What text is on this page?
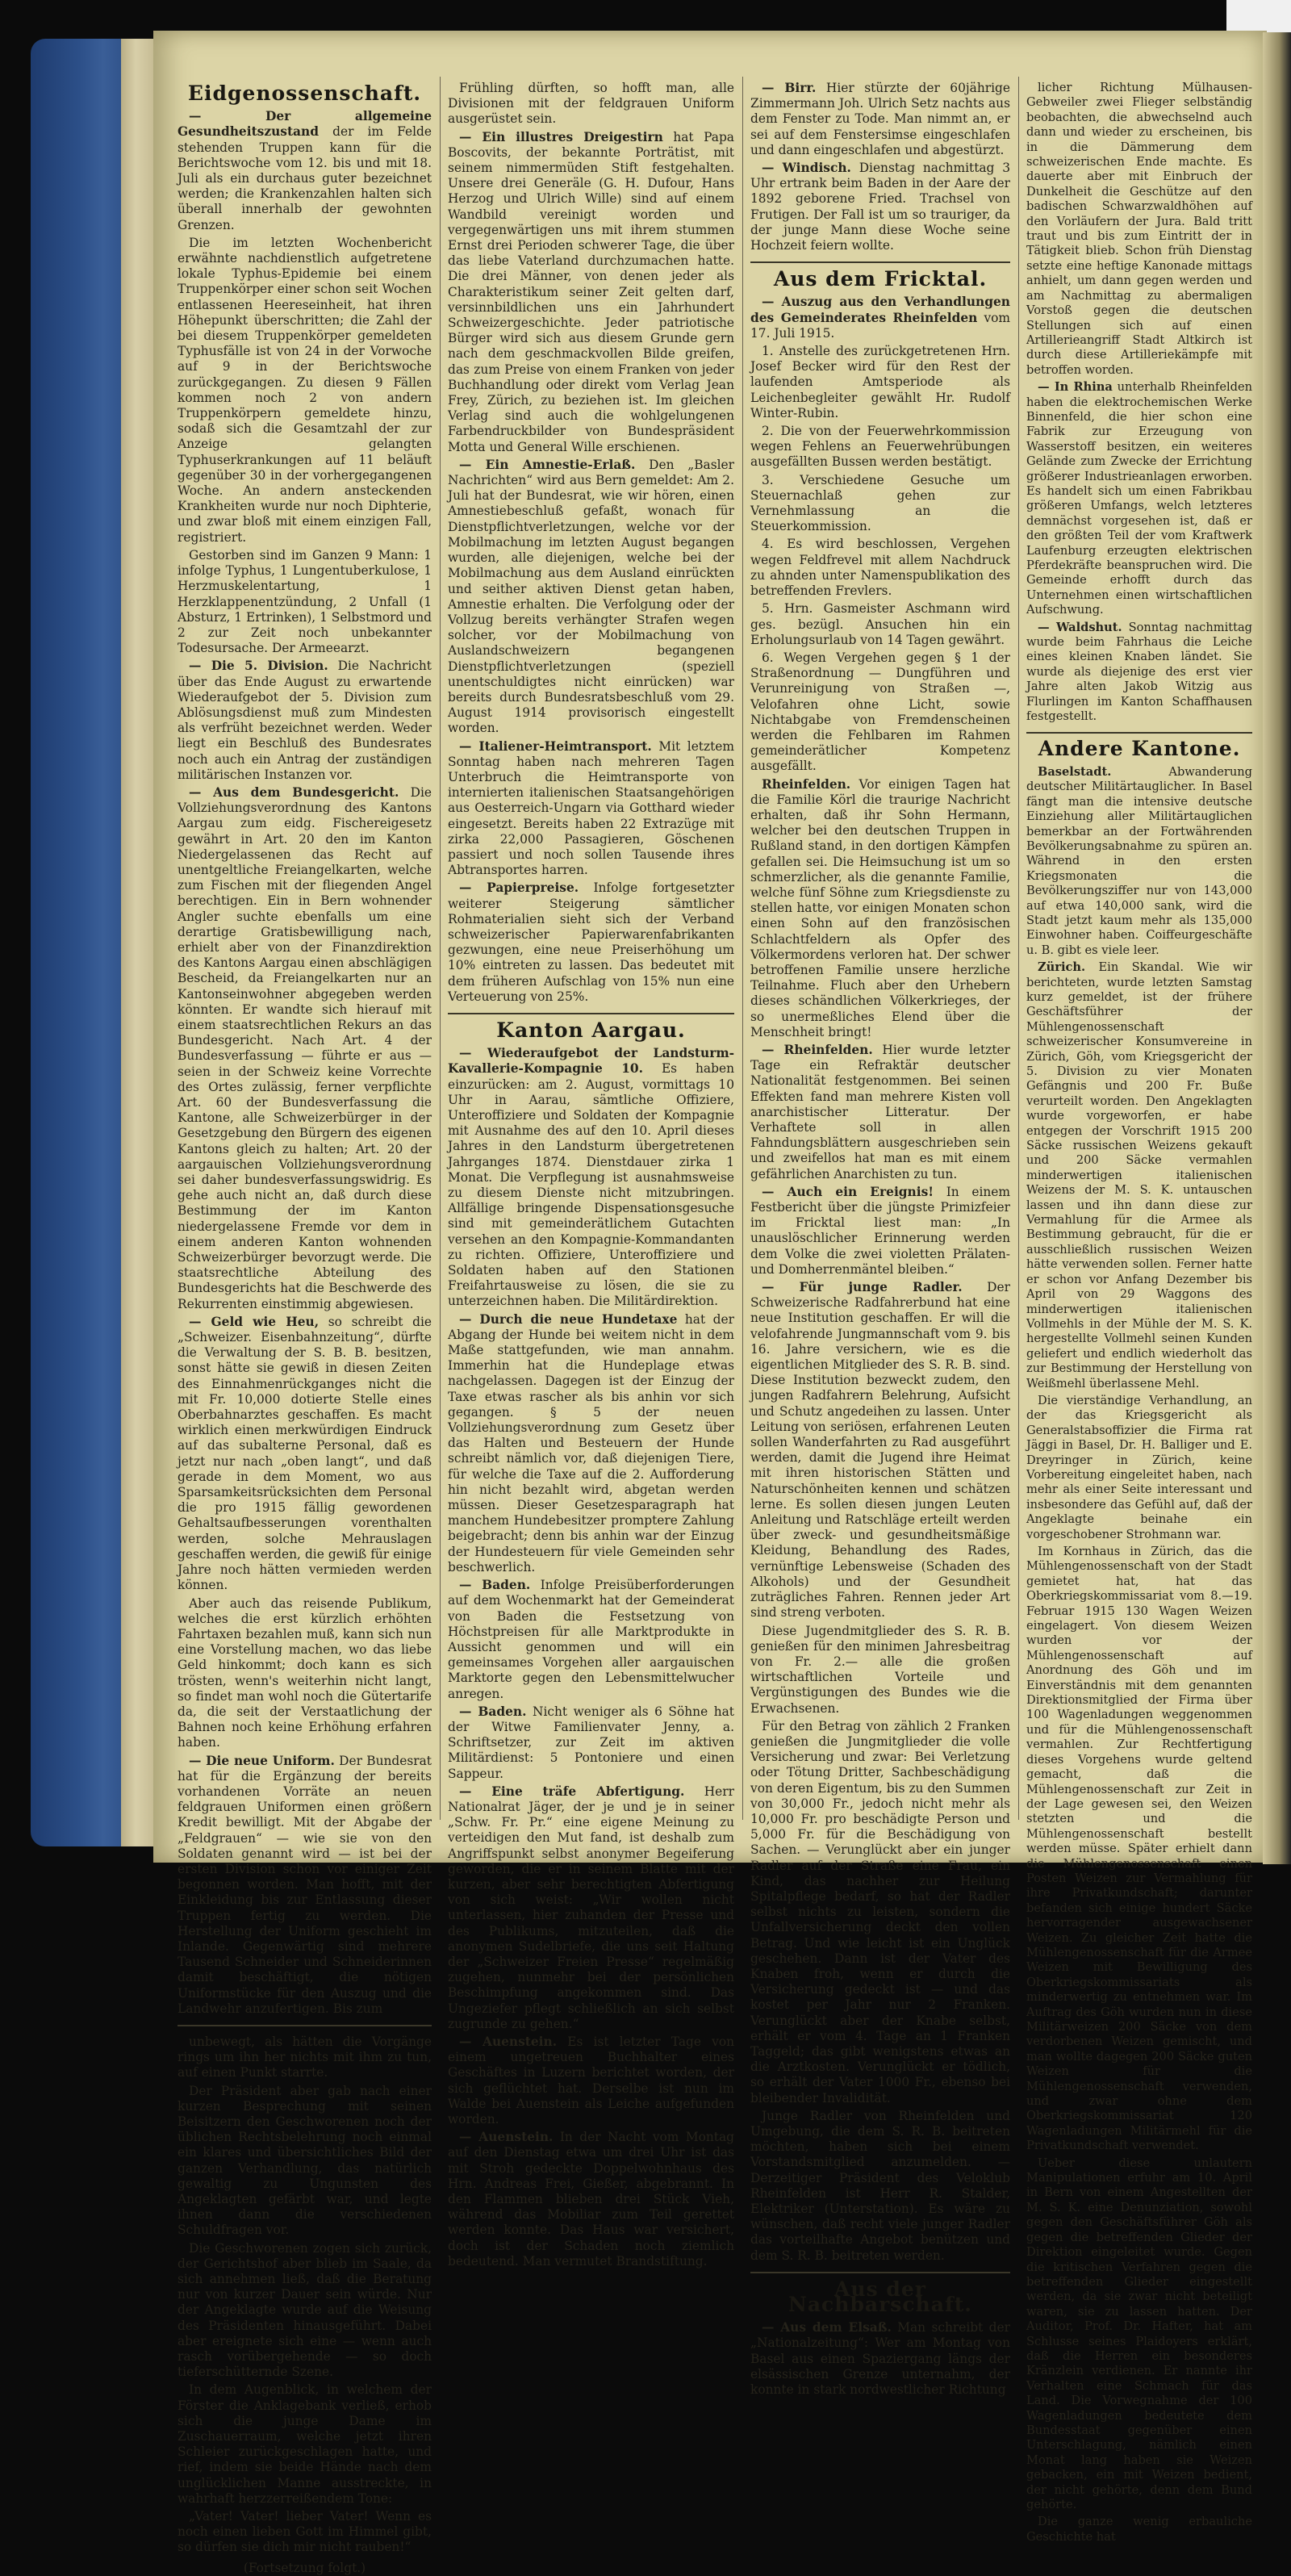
Eidgenossenschaft.

— Der allgemeine Gesundheitszustand der im Felde stehenden Truppen kann für die Berichtswoche vom 12. bis und mit 18. Juli als ein durchaus guter bezeichnet werden; die Krankenzahlen halten sich überall innerhalb der gewohnten Grenzen.

Die im letzten Wochenbericht erwähnte nachdienstlich aufgetretene lokale Typhus-Epidemie bei einem Truppenkörper einer schon seit Wochen entlassenen Heereseinheit, hat ihren Höhepunkt überschritten; die Zahl der bei diesem Truppenkörper gemeldeten Typhusfälle ist von 24 in der Vorwoche auf 9 in der Berichtswoche zurückgegangen. Zu diesen 9 Fällen kommen noch 2 von andern Truppenkörpern gemeldete hinzu, sodaß sich die Gesamtzahl der zur Anzeige gelangten Typhuserkrankungen auf 11 beläuft gegenüber 30 in der vorhergegangenen Woche. An andern ansteckenden Krankheiten wurde nur noch Diphterie, und zwar bloß mit einem einzigen Fall, registriert.

Gestorben sind im Ganzen 9 Mann: 1 infolge Typhus, 1 Lungentuberkulose, 1 Herzmuskelentartung, 1 Herzklappenentzündung, 2 Unfall (1 Absturz, 1 Ertrinken), 1 Selbstmord und 2 zur Zeit noch unbekannter Todesursache. Der Armeearzt.

— Die 5. Division. Die Nachricht über das Ende August zu erwartende Wiederaufgebot der 5. Division zum Ablösungsdienst muß zum Mindesten als verfrüht bezeichnet werden. Weder liegt ein Beschluß des Bundesrates noch auch ein Antrag der zuständigen militärischen Instanzen vor.

— Aus dem Bundesgericht. Die Vollziehungsverordnung des Kantons Aargau zum eidg. Fischereigesetz gewährt in Art. 20 den im Kanton Niedergelassenen das Recht auf unentgeltliche Freiangelkarten, welche zum Fischen mit der fliegenden Angel berechtigen. Ein in Bern wohnender Angler suchte ebenfalls um eine derartige Gratisbewilligung nach, erhielt aber von der Finanzdirektion des Kantons Aargau einen abschlägigen Bescheid, da Freiangelkarten nur an Kantonseinwohner abgegeben werden könnten. Er wandte sich hierauf mit einem staatsrechtlichen Rekurs an das Bundesgericht. Nach Art. 4 der Bundesverfassung — führte er aus — seien in der Schweiz keine Vorrechte des Ortes zulässig, ferner verpflichte Art. 60 der Bundesverfassung die Kantone, alle Schweizerbürger in der Gesetzgebung den Bürgern des eigenen Kantons gleich zu halten; Art. 20 der aargauischen Vollziehungsverordnung sei daher bundesverfassungswidrig. Es gehe auch nicht an, daß durch diese Bestimmung der im Kanton niedergelassene Fremde vor dem in einem anderen Kanton wohnenden Schweizerbürger bevorzugt werde. Die staatsrechtliche Abteilung des Bundesgerichts hat die Beschwerde des Rekurrenten einstimmig abgewiesen.

— Geld wie Heu, so schreibt die „Schweizer. Eisenbahnzeitung“, dürfte die Verwaltung der S. B. B. besitzen, sonst hätte sie gewiß in diesen Zeiten des Einnahmenrückganges nicht die mit Fr. 10,000 dotierte Stelle eines Oberbahnarztes geschaffen. Es macht wirklich einen merkwürdigen Eindruck auf das subalterne Personal, daß es jetzt nur nach „oben langt“, und daß gerade in dem Moment, wo aus Sparsamkeitsrücksichten dem Personal die pro 1915 fällig gewordenen Gehaltsaufbesserungen vorenthalten werden, solche Mehrauslagen geschaffen werden, die gewiß für einige Jahre noch hätten vermieden werden können.

Aber auch das reisende Publikum, welches die erst kürzlich erhöhten Fahrtaxen bezahlen muß, kann sich nun eine Vorstellung machen, wo das liebe Geld hinkommt; doch kann es sich trösten, wenn's weiterhin nicht langt, so findet man wohl noch die Gütertarife da, die seit der Verstaatlichung der Bahnen noch keine Erhöhung erfahren haben.

— Die neue Uniform. Der Bundesrat hat für die Ergänzung der bereits vorhandenen Vorräte an neuen feldgrauen Uniformen einen größern Kredit bewilligt. Mit der Abgabe der „Feldgrauen“ — wie sie von den Soldaten genannt wird — ist bei der ersten Division schon vor einiger Zeit begonnen worden. Man hofft, mit der Einkleidung bis zur Entlassung dieser Truppen fertig zu werden. Die Herstellung der Uniform geschieht im Inlande. Gegenwärtig sind mehrere Tausend Schneider und Schneiderinnen damit beschäftigt, die nötigen Uniformstücke für den Auszug und die Landwehr anzufertigen. Bis zum

unbewegt, als hätten die Vorgänge rings um ihn her nichts mit ihm zu tun, auf einen Punkt starrte.

Der Präsident aber gab nach einer kurzen Besprechung mit seinen Beisitzern den Geschworenen noch der üblichen Rechtsbelehrung noch einmal ein klares und übersichtliches Bild der ganzen Verhandlung, das natürlich gewaltig zu Ungunsten des Angeklagten gefärbt war, und legte ihnen dann die verschiedenen Schuldfragen vor.

Die Geschworenen zogen sich zurück, der Gerichtshof aber blieb im Saale, da sich annehmen ließ, daß die Beratung nur von kurzer Dauer sein würde. Nur der Angeklagte wurde auf die Weisung des Präsidenten hinausgeführt. Dabei aber ereignete sich eine — wenn auch rasch vorübergehende — so doch tieferschütternde Szene.

In dem Augenblick, in welchem der Förster die Anklagebank verließ, erhob sich die junge Dame im Zuschauerraum, welche jetzt ihren Schleier zurückgeschlagen hatte, und rief, indem sie beide Hände nach dem unglücklichen Manne ausstreckte, in wahrhaft herzzerreißendem Tone:

„Vater! Vater! lieber Vater! Wenn es noch einen lieben Gott im Himmel gibt, so dürfen sie dich mir nicht rauben!“

(Fortsetzung folgt.)

Frühling dürften, so hofft man, alle Divisionen mit der feldgrauen Uniform ausgerüstet sein.

— Ein illustres Dreigestirn hat Papa Boscovits, der bekannte Porträtist, mit seinem nimmermüden Stift festgehalten. Unsere drei Generäle (G. H. Dufour, Hans Herzog und Ulrich Wille) sind auf einem Wandbild vereinigt worden und vergegenwärtigen uns mit ihrem stummen Ernst drei Perioden schwerer Tage, die über das liebe Vaterland durchzumachen hatte. Die drei Männer, von denen jeder als Charakteristikum seiner Zeit gelten darf, versinnbildlichen uns ein Jahrhundert Schweizergeschichte. Jeder patriotische Bürger wird sich aus diesem Grunde gern nach dem geschmackvollen Bilde greifen, das zum Preise von einem Franken von jeder Buchhandlung oder direkt vom Verlag Jean Frey, Zürich, zu beziehen ist. Im gleichen Verlag sind auch die wohlgelungenen Farbendruckbilder von Bundespräsident Motta und General Wille erschienen.

— Ein Amnestie-Erlaß. Den „Basler Nachrichten“ wird aus Bern gemeldet: Am 2. Juli hat der Bundesrat, wie wir hören, einen Amnestiebeschluß gefaßt, wonach für Dienstpflichtverletzungen, welche vor der Mobilmachung im letzten August begangen wurden, alle diejenigen, welche bei der Mobilmachung aus dem Ausland einrückten und seither aktiven Dienst getan haben, Amnestie erhalten. Die Verfolgung oder der Vollzug bereits verhängter Strafen wegen solcher, vor der Mobilmachung von Auslandschweizern begangenen Dienstpflichtverletzungen (speziell unentschuldigtes nicht einrücken) war bereits durch Bundesratsbeschluß vom 29. August 1914 provisorisch eingestellt worden.

— Italiener-Heimtransport. Mit letztem Sonntag haben nach mehreren Tagen Unterbruch die Heimtransporte von internierten italienischen Staatsangehörigen aus Oesterreich-Ungarn via Gotthard wieder eingesetzt. Bereits haben 22 Extrazüge mit zirka 22,000 Passagieren, Göschenen passiert und noch sollen Tausende ihres Abtransportes harren.

— Papierpreise. Infolge fortgesetzter weiterer Steigerung sämtlicher Rohmaterialien sieht sich der Verband schweizerischer Papierwarenfabrikanten gezwungen, eine neue Preiserhöhung um 10% eintreten zu lassen. Das bedeutet mit dem früheren Aufschlag von 15% nun eine Verteuerung von 25%.

Kanton Aargau.

— Wiederaufgebot der Landsturm-Kavallerie-Kompagnie 10. Es haben einzurücken: am 2. August, vormittags 10 Uhr in Aarau, sämtliche Offiziere, Unteroffiziere und Soldaten der Kompagnie mit Ausnahme des auf den 10. April dieses Jahres in den Landsturm übergetretenen Jahrganges 1874. Dienstdauer zirka 1 Monat. Die Verpflegung ist ausnahmsweise zu diesem Dienste nicht mitzubringen. Allfällige bringende Dispensationsgesuche sind mit gemeinderätlichem Gutachten versehen an den Kompagnie-Kommandanten zu richten. Offiziere, Unteroffiziere und Soldaten haben auf den Stationen Freifahrtausweise zu lösen, die sie zu unterzeichnen haben. Die Militärdirektion.

— Durch die neue Hundetaxe hat der Abgang der Hunde bei weitem nicht in dem Maße stattgefunden, wie man annahm. Immerhin hat die Hundeplage etwas nachgelassen. Dagegen ist der Einzug der Taxe etwas rascher als bis anhin vor sich gegangen. § 5 der neuen Vollziehungsverordnung zum Gesetz über das Halten und Besteuern der Hunde schreibt nämlich vor, daß diejenigen Tiere, für welche die Taxe auf die 2. Aufforderung hin nicht bezahlt wird, abgetan werden müssen. Dieser Gesetzesparagraph hat manchem Hundebesitzer promptere Zahlung beigebracht; denn bis anhin war der Einzug der Hundesteuern für viele Gemeinden sehr beschwerlich.

— Baden. Infolge Preisüberforderungen auf dem Wochenmarkt hat der Gemeinderat von Baden die Festsetzung von Höchstpreisen für alle Marktprodukte in Aussicht genommen und will ein gemeinsames Vorgehen aller aargauischen Marktorte gegen den Lebensmittelwucher anregen.

— Baden. Nicht weniger als 6 Söhne hat der Witwe Familienvater Jenny, a. Schriftsetzer, zur Zeit im aktiven Militärdienst: 5 Pontoniere und einen Sappeur.

— Eine träfe Abfertigung. Herr Nationalrat Jäger, der je und je in seiner „Schw. Fr. Pr.“ eine eigene Meinung zu verteidigen den Mut fand, ist deshalb zum Angriffspunkt selbst anonymer Begeiferung geworden, die er in seinem Blatte mit der kurzen, aber sehr berechtigten Abfertigung von sich weist: „Wir wollen nicht unterlassen, hier zuhanden der Presse und des Publikums, mitzuteilen, daß die anonymen Sudelbriefe, die uns seit Haltung der „Schweizer Freien Presse“ regelmäßig zugehen, nunmehr bei der persönlichen Beschimpfung angekommen sind. Das Ungeziefer pflegt schließlich an sich selbst zugrunde zu gehen.“

— Auenstein. Es ist letzter Tage von einem ungetreuen Buchhalter eines Geschäftes in Luzern berichtet worden, der sich geflüchtet hat. Derselbe ist nun im Walde bei Auenstein als Leiche aufgefunden worden.

— Auenstein. In der Nacht vom Montag auf den Dienstag etwa um drei Uhr ist das mit Stroh gedeckte Doppelwohnhaus des Hrn. Andreas Frei, Gießer, abgebrannt. In den Flammen blieben drei Stück Vieh, während das Mobiliar zum Teil gerettet werden konnte. Das Haus war versichert, doch ist der Schaden noch ziemlich bedeutend. Man vermutet Brandstiftung.

— Birr. Hier stürzte der 60jährige Zimmermann Joh. Ulrich Setz nachts aus dem Fenster zu Tode. Man nimmt an, er sei auf dem Fenstersimse eingeschlafen und dann eingeschlafen und abgestürzt.

— Windisch. Dienstag nachmittag 3 Uhr ertrank beim Baden in der Aare der 1892 geborene Fried. Trachsel von Frutigen. Der Fall ist um so trauriger, da der junge Mann diese Woche seine Hochzeit feiern wollte.

Aus dem Fricktal.

— Auszug aus den Verhandlungen des Gemeinderates Rheinfelden vom 17. Juli 1915.

1. Anstelle des zurückgetretenen Hrn. Josef Becker wird für den Rest der laufenden Amtsperiode als Leichenbegleiter gewählt Hr. Rudolf Winter-Rubin.

2. Die von der Feuerwehrkommission wegen Fehlens an Feuerwehrübungen ausgefällten Bussen werden bestätigt.

3. Verschiedene Gesuche um Steuernachlaß gehen zur Vernehmlassung an die Steuerkommission.

4. Es wird beschlossen, Vergehen wegen Feldfrevel mit allem Nachdruck zu ahnden unter Namenspublikation des betreffenden Frevlers.

5. Hrn. Gasmeister Aschmann wird ges. bezügl. Ansuchen hin ein Erholungsurlaub von 14 Tagen gewährt.

6. Wegen Vergehen gegen § 1 der Straßenordnung — Dungführen und Verunreinigung von Straßen —, Velofahren ohne Licht, sowie Nichtabgabe von Fremdenscheinen werden die Fehlbaren im Rahmen gemeinderätlicher Kompetenz ausgefällt.

Rheinfelden. Vor einigen Tagen hat die Familie Körl die traurige Nachricht erhalten, daß ihr Sohn Hermann, welcher bei den deutschen Truppen in Rußland stand, in den dortigen Kämpfen gefallen sei. Die Heimsuchung ist um so schmerzlicher, als die genannte Familie, welche fünf Söhne zum Kriegsdienste zu stellen hatte, vor einigen Monaten schon einen Sohn auf den französischen Schlachtfeldern als Opfer des Völkermordens verloren hat. Der schwer betroffenen Familie unsere herzliche Teilnahme. Fluch aber den Urhebern dieses schändlichen Völkerkrieges, der so unermeßliches Elend über die Menschheit bringt!

— Rheinfelden. Hier wurde letzter Tage ein Refraktär deutscher Nationalität festgenommen. Bei seinen Effekten fand man mehrere Kisten voll anarchistischer Litteratur. Der Verhaftete soll in allen Fahndungsblättern ausgeschrieben sein und zweifellos hat man es mit einem gefährlichen Anarchisten zu tun.

— Auch ein Ereignis! In einem Festbericht über die jüngste Primizfeier im Fricktal liest man: „In unauslöschlicher Erinnerung werden dem Volke die zwei violetten Prälaten- und Domherrenmäntel bleiben.“

— Für junge Radler. Der Schweizerische Radfahrerbund hat eine neue Institution geschaffen. Er will die velofahrende Jungmannschaft vom 9. bis 16. Jahre versichern, wie es die eigentlichen Mitglieder des S. R. B. sind. Diese Institution bezweckt zudem, den jungen Radfahrern Belehrung, Aufsicht und Schutz angedeihen zu lassen. Unter Leitung von seriösen, erfahrenen Leuten sollen Wanderfahrten zu Rad ausgeführt werden, damit die Jugend ihre Heimat mit ihren historischen Stätten und Naturschönheiten kennen und schätzen lerne. Es sollen diesen jungen Leuten Anleitung und Ratschläge erteilt werden über zweck- und gesundheitsmäßige Kleidung, Behandlung des Rades, vernünftige Lebensweise (Schaden des Alkohols) und der Gesundheit zuträgliches Fahren. Rennen jeder Art sind streng verboten.

Diese Jugendmitglieder des S. R. B. genießen für den minimen Jahresbeitrag von Fr. 2.— alle die großen wirtschaftlichen Vorteile und Vergünstigungen des Bundes wie die Erwachsenen.

Für den Betrag von zählich 2 Franken genießen die Jungmitglieder die volle Versicherung und zwar: Bei Verletzung oder Tötung Dritter, Sachbeschädigung von deren Eigentum, bis zu den Summen von 30,000 Fr., jedoch nicht mehr als 10,000 Fr. pro beschädigte Person und 5,000 Fr. für die Beschädigung von Sachen. — Verunglückt aber ein junger Radler auf der Straße eine Frau, ein Kind, das nachher zur Heilung Spitalpflege bedarf, so hat der Radler selbst nichts zu leisten, sondern die Unfallversicherung deckt den vollen Betrag. Und wie leicht ist ein Unglück geschehen. Dann ist der Vater des Knaben froh, wenn er durch die Versicherung gedeckt ist — und das kostet per Jahr nur 2 Franken. Verunglückt aber der Knabe selbst, erhält er vom 4. Tage an 1 Franken Taggeld; das gibt wenigstens etwas an die Arztkosten. Verunglückt er tödlich, so erhält der Vater 1000 Fr., ebenso bei bleibender Invalidität.

Junge Radler von Rheinfelden und Umgebung, die dem S. R. B. beitreten möchten, haben sich bei einem Vorstandsmitglied anzumelden. — Derzeitiger Präsident des Veloklub Rheinfelden ist Herr R. Stalder, Elektriker (Unterstation). Es wäre zu wünschen, daß recht viele junger Radler das vorteilhafte Angebot benützen und dem S. R. B. beitreten werden.

Aus der Nachbarschaft.

— Aus dem Elsaß. Man schreibt der „Nationalzeitung“: Wer am Montag von Basel aus einen Spaziergang längs der elsässischen Grenze unternahm, der konnte in stark nordwestlicher Richtung

licher Richtung Mülhausen-Gebweiler zwei Flieger selbständig beobachten, die abwechselnd auch dann und wieder zu erscheinen, bis in die Dämmerung dem schweizerischen Ende machte. Es dauerte aber mit Einbruch der Dunkelheit die Geschütze auf den badischen Schwarzwaldhöhen auf den Vorläufern der Jura. Bald tritt traut und bis zum Eintritt der in Tätigkeit blieb. Schon früh Dienstag setzte eine heftige Kanonade mittags anhielt, um dann gegen werden und am Nachmittag zu abermaligen Vorstoß gegen die deutschen Stellungen sich auf einen Artillerieangriff Stadt Altkirch ist durch diese Artilleriekämpfe mit betroffen worden.

— In Rhina unterhalb Rheinfelden haben die elektrochemischen Werke Binnenfeld, die hier schon eine Fabrik zur Erzeugung von Wasserstoff besitzen, ein weiteres Gelände zum Zwecke der Errichtung größerer Industrieanlagen erworben. Es handelt sich um einen Fabrikbau größeren Umfangs, welch letzteres demnächst vorgesehen ist, daß er den größten Teil der vom Kraftwerk Laufenburg erzeugten elektrischen Pferdekräfte beanspruchen wird. Die Gemeinde erhofft durch das Unternehmen einen wirtschaftlichen Aufschwung.

— Waldshut. Sonntag nachmittag wurde beim Fahrhaus die Leiche eines kleinen Knaben ländet. Sie wurde als diejenige des erst vier Jahre alten Jakob Witzig aus Flurlingen im Kanton Schaffhausen festgestellt.

Andere Kantone.

Baselstadt.	Abwanderung deutscher Militärtauglicher. In Basel fängt man die intensive deutsche Einziehung aller Militärtauglichen bemerkbar an der Fortwährenden Bevölkerungsabnahme zu spüren an. Während in den ersten Kriegsmonaten die Bevölkerungsziffer nur von 143,000 auf etwa 140,000 sank, wird die Stadt jetzt kaum mehr als 135,000 Einwohner haben. Coiffeurgeschäfte u. B. gibt es viele leer.

Zürich. Ein Skandal. Wie wir berichteten, wurde letzten Samstag kurz gemeldet, ist der frühere Geschäftsführer der Mühlengenossenschaft schweizerischer Konsumvereine in Zürich, Göh, vom Kriegsgericht der 5. Division zu vier Monaten Gefängnis und 200 Fr. Buße verurteilt worden. Den Angeklagten wurde vorgeworfen, er habe entgegen der Vorschrift 1915 200 Säcke russischen Weizens gekauft und 200 Säcke vermahlen minderwertigen italienischen Weizens der M. S. K. untauschen lassen und ihn dann diese zur Vermahlung für die Armee als Bestimmung gebraucht, für die er ausschließlich russischen Weizen hätte verwenden sollen. Ferner hatte er schon vor Anfang Dezember bis April von 29 Waggons des minderwertigen italienischen Vollmehls in der Mühle der M. S. K. hergestellte Vollmehl seinen Kunden geliefert und endlich wiederholt das zur Bestimmung der Herstellung von Weißmehl überlassene Mehl.

Die vierständige Verhandlung, an der das Kriegsgericht als Generalstabsoffizier die Firma rat Jäggi in Basel, Dr. H. Balliger und E. Dreyringer in Zürich, keine Vorbereitung eingeleitet haben, nach mehr als einer Seite interessant und insbesondere das Gefühl auf, daß der Angeklagte beinahe ein vorgeschobener Strohmann war.

Im Kornhaus in Zürich, das die Mühlengenossenschaft von der Stadt gemietet hat, hat das Oberkriegskommissariat vom 8.—19. Februar 1915 130 Wagen Weizen eingelagert. Von diesem Weizen wurden vor der Mühlengenossenschaft auf Anordnung des Göh und im Einverständnis mit dem genannten Direktionsmitglied der Firma über 100 Wagenladungen weggenommen und für die Mühlengenossenschaft vermahlen. Zur Rechtfertigung dieses Vorgehens wurde geltend gemacht, daß die Mühlengenossenschaft zur Zeit in der Lage gewesen sei, den Weizen stetzten und die Mühlengenossenschaft bestellt werden müsse. Später erhielt dann die Mühlengenossenschaft einen Posten Weizen zur Vermahlung für ihre Privatkundschaft; darunter befanden sich einige hundert Säcke hervorragender ausgewachsener Weizen. Zu gleicher Zeit hatte die Mühlengenossenschaft für die Armee Weizen mit Bewilligung des Oberkriegskommissariats als minderwertig zu entnehmen war. Im Auftrag des Göh wurden nun in diese Militärweizen 200 Säcke von dem verdorbenen Weizen gemischt, und man wollte dagegen 200 Säcke guten Weizen für die Mühlengenossenschaft verwenden, und zwar ohne dem Oberkriegskommissariat 120 Wagenladungen Militärmehl für die Privatkundschaft verwendet.

Ueber diese unlautern Manipulationen erfuhr am 10. April in Bern von einem Angestellten der M. S. K. eine Denunziation, sowohl gegen den Geschäftsführer Göh als gegen die betreffenden Glieder der Direktion eingeleitet wurde. Gegen die kritischen Verfahren gegen die betreffenden Glieder eingestellt werden, da sie zwar nicht beteiligt waren, sie zu lassen hatten. Der Auditor, Prof. Dr. Hafter, hat am Schlusse seines Plaidoyers erklärt, daß die Herren ein besonderes Kränzlein verdienen. Er nannte ihr Verhalten eine Schmach für das Land. Die Vorwegnahme der 100 Wagenladungen bedeutete dem Bundesstaat gegenüber einen Unterschlagung, nämlich einen Monat lang haben sie Weizen gebacken, ein mit Weizen bedient, der nicht gehörte, denn dem Bund gehörte.

Die ganze wenig erbauliche Geschichte hat
